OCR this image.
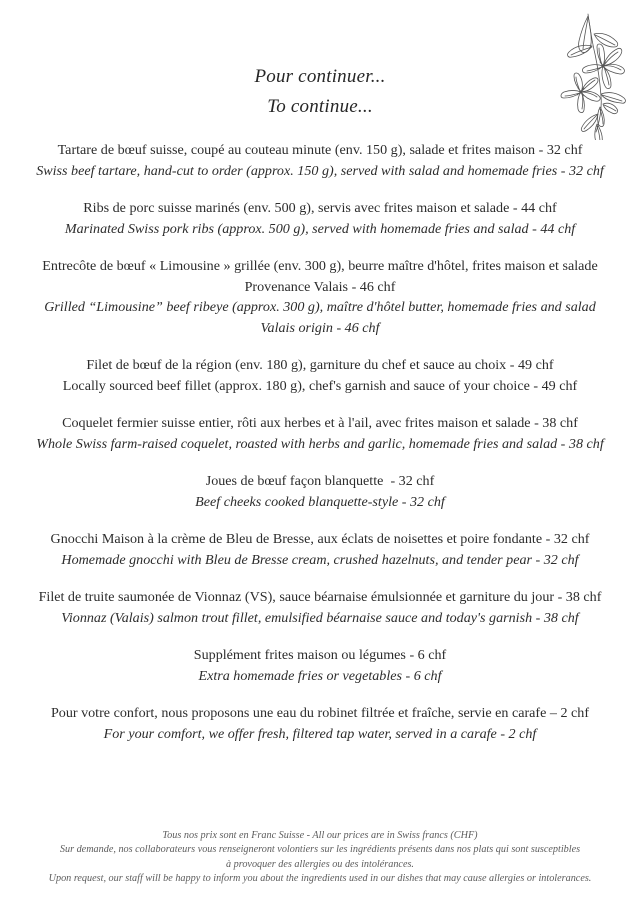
Pour continuer...
To continue...
Tartare de bœuf suisse, coupé au couteau minute (env. 150 g), salade et frites maison - 32 chf
Swiss beef tartare, hand-cut to order (approx. 150 g), served with salad and homemade fries - 32 chf
Ribs de porc suisse marinés (env. 500 g), servis avec frites maison et salade - 44 chf
Marinated Swiss pork ribs (approx. 500 g), served with homemade fries and salad - 44 chf
Entrecôte de bœuf « Limousine » grillée (env. 300 g), beurre maître d'hôtel, frites maison et salade
Provenance Valais - 46 chf
Grilled “Limousine” beef ribeye (approx. 300 g), maître d'hôtel butter, homemade fries and salad
Valais origin - 46 chf
Filet de bœuf de la région (env. 180 g), garniture du chef et sauce au choix - 49 chf
Locally sourced beef fillet (approx. 180 g), chef's garnish and sauce of your choice - 49 chf
Coquelet fermier suisse entier, rôti aux herbes et à l'ail, avec frites maison et salade - 38 chf
Whole Swiss farm-raised coquelet, roasted with herbs and garlic, homemade fries and salad - 38 chf
Joues de bœuf façon blanquette  - 32 chf
Beef cheeks cooked blanquette-style - 32 chf
Gnocchi Maison à la crème de Bleu de Bresse, aux éclats de noisettes et poire fondante - 32 chf
Homemade gnocchi with Bleu de Bresse cream, crushed hazelnuts, and tender pear - 32 chf
Filet de truite saumonée de Vionnaz (VS), sauce béarnaise émulsionnée et garniture du jour - 38 chf
Vionnaz (Valais) salmon trout fillet, emulsified béarnaise sauce and today's garnish - 38 chf
Supplément frites maison ou légumes - 6 chf
Extra homemade fries or vegetables - 6 chf
Pour votre confort, nous proposons une eau du robinet filtrée et fraîche, servie en carafe – 2 chf
For your comfort, we offer fresh, filtered tap water, served in a carafe - 2 chf
Tous nos prix sont en Franc Suisse - All our prices are in Swiss francs (CHF)
Sur demande, nos collaborateurs vous renseigneront volontiers sur les ingrédients présents dans nos plats qui sont susceptibles
à provoquer des allergies ou des intolérances.
Upon request, our staff will be happy to inform you about the ingredients used in our dishes that may cause allergies or intolerances.
